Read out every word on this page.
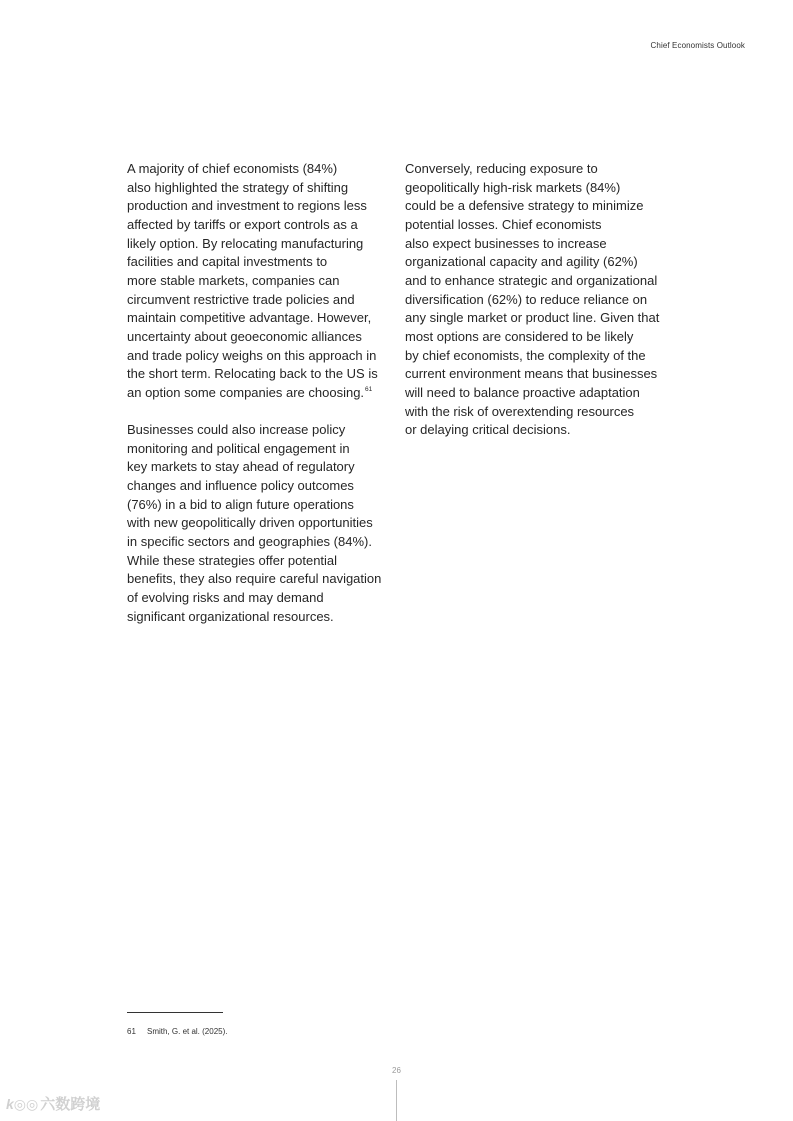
Chief Economists Outlook
A majority of chief economists (84%)
also highlighted the strategy of shifting
production and investment to regions less
affected by tariffs or export controls as a
likely option. By relocating manufacturing
facilities and capital investments to
more stable markets, companies can
circumvent restrictive trade policies and
maintain competitive advantage. However,
uncertainty about geoeconomic alliances
and trade policy weighs on this approach in
the short term. Relocating back to the US is
an option some companies are choosing.$^{61}$
Businesses could also increase policy
monitoring and political engagement in
key markets to stay ahead of regulatory
changes and influence policy outcomes
(76%) in a bid to align future operations
with new geopolitically driven opportunities
in specific sectors and geographies (84%).
While these strategies offer potential
benefits, they also require careful navigation
of evolving risks and may demand
significant organizational resources.
Conversely, reducing exposure to
geopolitically high-risk markets (84%)
could be a defensive strategy to minimize
potential losses. Chief economists
also expect businesses to increase
organizational capacity and agility (62%)
and to enhance strategic and organizational
diversification (62%) to reduce reliance on
any single market or product line. Given that
most options are considered to be likely
by chief economists, the complexity of the
current environment means that businesses
will need to balance proactive adaptation
with the risk of overextending resources
or delaying critical decisions.
61 Smith, G. et al. (2025).
26
k◎◎ 六数跨境
